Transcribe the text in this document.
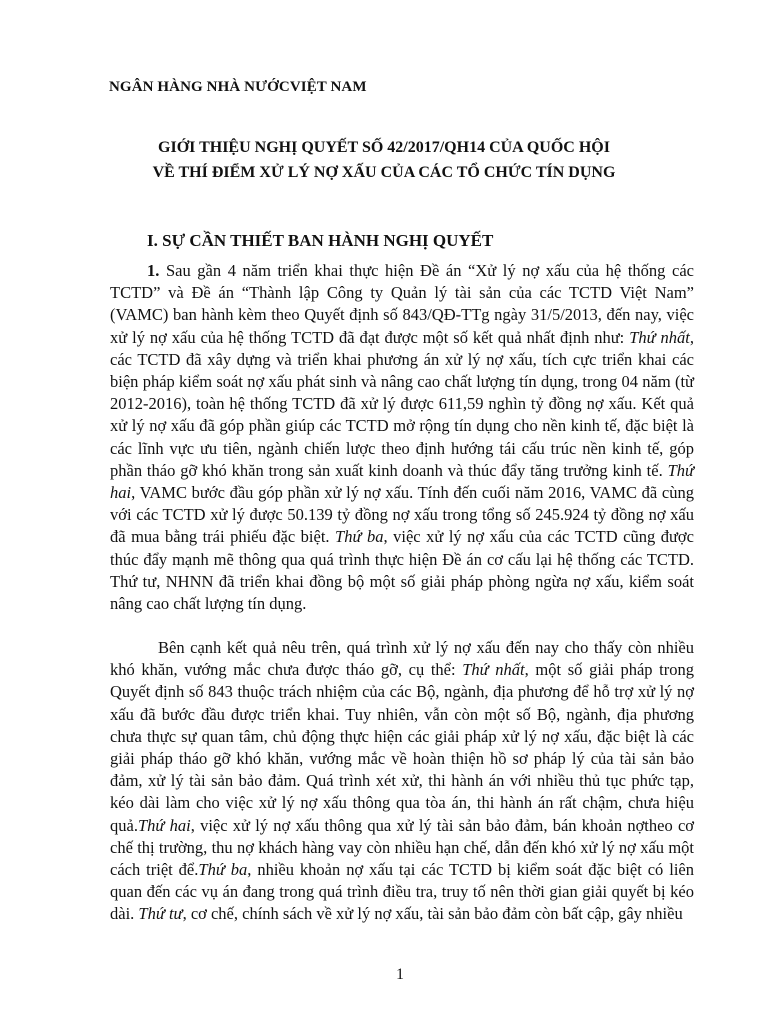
NGÂN HÀNG NHÀ NƯỚCVIỆT NAM
GIỚI THIỆU NGHỊ QUYẾT SỐ 42/2017/QH14 CỦA QUỐC HỘI
VỀ THÍ ĐIỂM XỬ LÝ NỢ XẤU CỦA CÁC TỔ CHỨC TÍN DỤNG
I. SỰ CẦN THIẾT BAN HÀNH NGHỊ QUYẾT
1. Sau gần 4 năm triển khai thực hiện Đề án “Xử lý nợ xấu của hệ thống các TCTD” và Đề án “Thành lập Công ty Quản lý tài sản của các TCTD Việt Nam” (VAMC) ban hành kèm theo Quyết định số 843/QĐ-TTg ngày 31/5/2013, đến nay, việc xử lý nợ xấu của hệ thống TCTD đã đạt được một số kết quả nhất định như: Thứ nhất, các TCTD đã xây dựng và triển khai phương án xử lý nợ xấu, tích cực triển khai các biện pháp kiểm soát nợ xấu phát sinh và nâng cao chất lượng tín dụng, trong 04 năm (từ 2012-2016), toàn hệ thống TCTD đã xử lý được 611,59 nghìn tỷ đồng nợ xấu. Kết quả xử lý nợ xấu đã góp phần giúp các TCTD mở rộng tín dụng cho nền kinh tế, đặc biệt là các lĩnh vực ưu tiên, ngành chiến lược theo định hướng tái cấu trúc nền kinh tế, góp phần tháo gỡ khó khăn trong sản xuất kinh doanh và thúc đẩy tăng trưởng kinh tế. Thứ hai, VAMC bước đầu góp phần xử lý nợ xấu. Tính đến cuối năm 2016, VAMC đã cùng với các TCTD xử lý được 50.139 tỷ đồng nợ xấu trong tổng số 245.924 tỷ đồng nợ xấu đã mua bằng trái phiếu đặc biệt. Thứ ba, việc xử lý nợ xấu của các TCTD cũng được thúc đẩy mạnh mẽ thông qua quá trình thực hiện Đề án cơ cấu lại hệ thống các TCTD. Thứ tư, NHNN đã triển khai đồng bộ một số giải pháp phòng ngừa nợ xấu, kiểm soát nâng cao chất lượng tín dụng.
Bên cạnh kết quả nêu trên, quá trình xử lý nợ xấu đến nay cho thấy còn nhiều khó khăn, vướng mắc chưa được tháo gỡ, cụ thể: Thứ nhất, một số giải pháp trong Quyết định số 843 thuộc trách nhiệm của các Bộ, ngành, địa phương để hỗ trợ xử lý nợ xấu đã bước đầu được triển khai. Tuy nhiên, vẫn còn một số Bộ, ngành, địa phương chưa thực sự quan tâm, chủ động thực hiện các giải pháp xử lý nợ xấu, đặc biệt là các giải pháp tháo gỡ khó khăn, vướng mắc về hoàn thiện hồ sơ pháp lý của tài sản bảo đảm, xử lý tài sản bảo đảm. Quá trình xét xử, thi hành án với nhiều thủ tục phức tạp, kéo dài làm cho việc xử lý nợ xấu thông qua tòa án, thi hành án rất chậm, chưa hiệu quả.Thứ hai, việc xử lý nợ xấu thông qua xử lý tài sản bảo đảm, bán khoản nợtheo cơ chế thị trường, thu nợ khách hàng vay còn nhiều hạn chế, dẫn đến khó xử lý nợ xấu một cách triệt để.Thứ ba, nhiều khoản nợ xấu tại các TCTD bị kiểm soát đặc biệt có liên quan đến các vụ án đang trong quá trình điều tra, truy tố nên thời gian giải quyết bị kéo dài. Thứ tư, cơ chế, chính sách về xử lý nợ xấu, tài sản bảo đảm còn bất cập, gây nhiều
1
